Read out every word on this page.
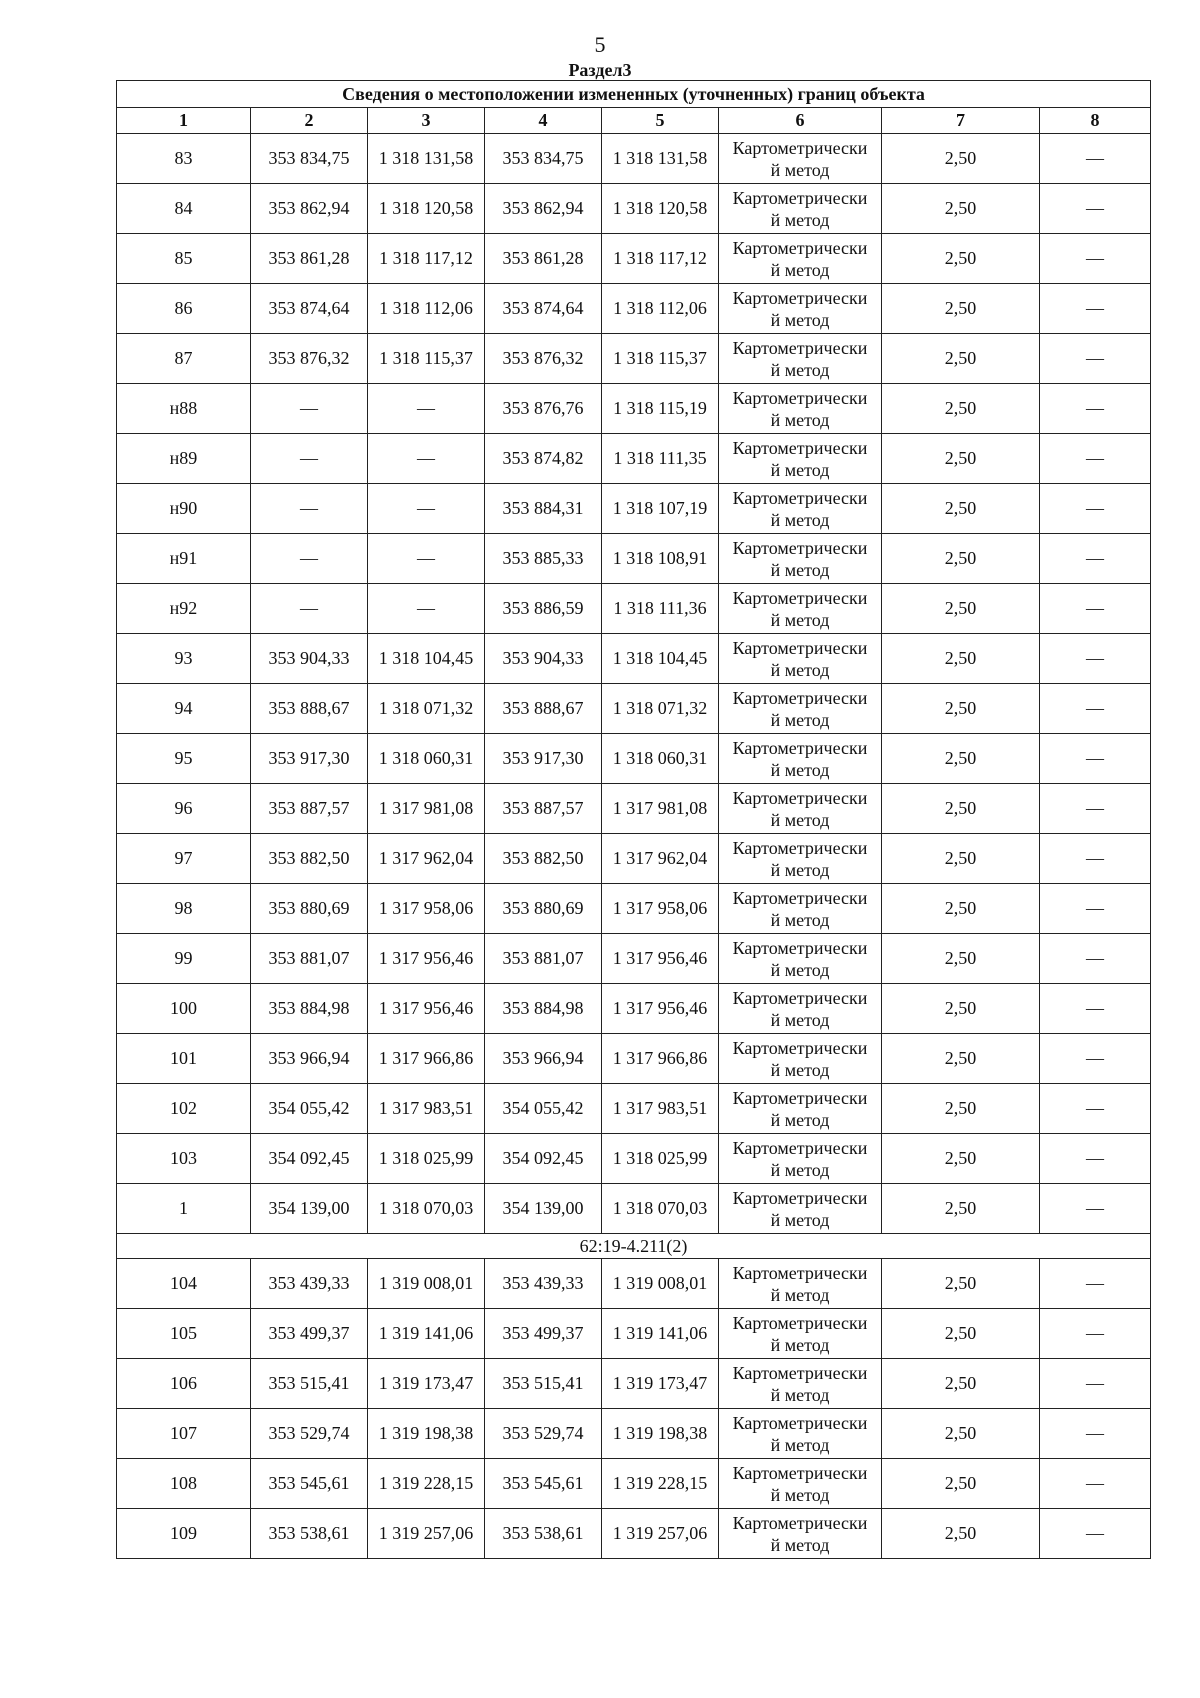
5
Раздел3
Сведения о местоположении измененных (уточненных) границ объекта							
1	2	3	4	5	6	7	8
83	353 834,75	1 318 131,58	353 834,75	1 318 131,58	Картометрически
й метод	2,50	—
84	353 862,94	1 318 120,58	353 862,94	1 318 120,58	Картометрически
й метод	2,50	—
85	353 861,28	1 318 117,12	353 861,28	1 318 117,12	Картометрически
й метод	2,50	—
86	353 874,64	1 318 112,06	353 874,64	1 318 112,06	Картометрически
й метод	2,50	—
87	353 876,32	1 318 115,37	353 876,32	1 318 115,37	Картометрически
й метод	2,50	—
н88	—	—	353 876,76	1 318 115,19	Картометрически
й метод	2,50	—
н89	—	—	353 874,82	1 318 111,35	Картометрически
й метод	2,50	—
н90	—	—	353 884,31	1 318 107,19	Картометрически
й метод	2,50	—
н91	—	—	353 885,33	1 318 108,91	Картометрически
й метод	2,50	—
н92	—	—	353 886,59	1 318 111,36	Картометрически
й метод	2,50	—
93	353 904,33	1 318 104,45	353 904,33	1 318 104,45	Картометрически
й метод	2,50	—
94	353 888,67	1 318 071,32	353 888,67	1 318 071,32	Картометрически
й метод	2,50	—
95	353 917,30	1 318 060,31	353 917,30	1 318 060,31	Картометрически
й метод	2,50	—
96	353 887,57	1 317 981,08	353 887,57	1 317 981,08	Картометрически
й метод	2,50	—
97	353 882,50	1 317 962,04	353 882,50	1 317 962,04	Картометрически
й метод	2,50	—
98	353 880,69	1 317 958,06	353 880,69	1 317 958,06	Картометрически
й метод	2,50	—
99	353 881,07	1 317 956,46	353 881,07	1 317 956,46	Картометрически
й метод	2,50	—
100	353 884,98	1 317 956,46	353 884,98	1 317 956,46	Картометрически
й метод	2,50	—
101	353 966,94	1 317 966,86	353 966,94	1 317 966,86	Картометрически
й метод	2,50	—
102	354 055,42	1 317 983,51	354 055,42	1 317 983,51	Картометрически
й метод	2,50	—
103	354 092,45	1 318 025,99	354 092,45	1 318 025,99	Картометрически
й метод	2,50	—
1	354 139,00	1 318 070,03	354 139,00	1 318 070,03	Картометрически
й метод	2,50	—
62:19-4.211(2)							
104	353 439,33	1 319 008,01	353 439,33	1 319 008,01	Картометрически
й метод	2,50	—
105	353 499,37	1 319 141,06	353 499,37	1 319 141,06	Картометрически
й метод	2,50	—
106	353 515,41	1 319 173,47	353 515,41	1 319 173,47	Картометрически
й метод	2,50	—
107	353 529,74	1 319 198,38	353 529,74	1 319 198,38	Картометрически
й метод	2,50	—
108	353 545,61	1 319 228,15	353 545,61	1 319 228,15	Картометрически
й метод	2,50	—
109	353 538,61	1 319 257,06	353 538,61	1 319 257,06	Картометрически
й метод	2,50	—
